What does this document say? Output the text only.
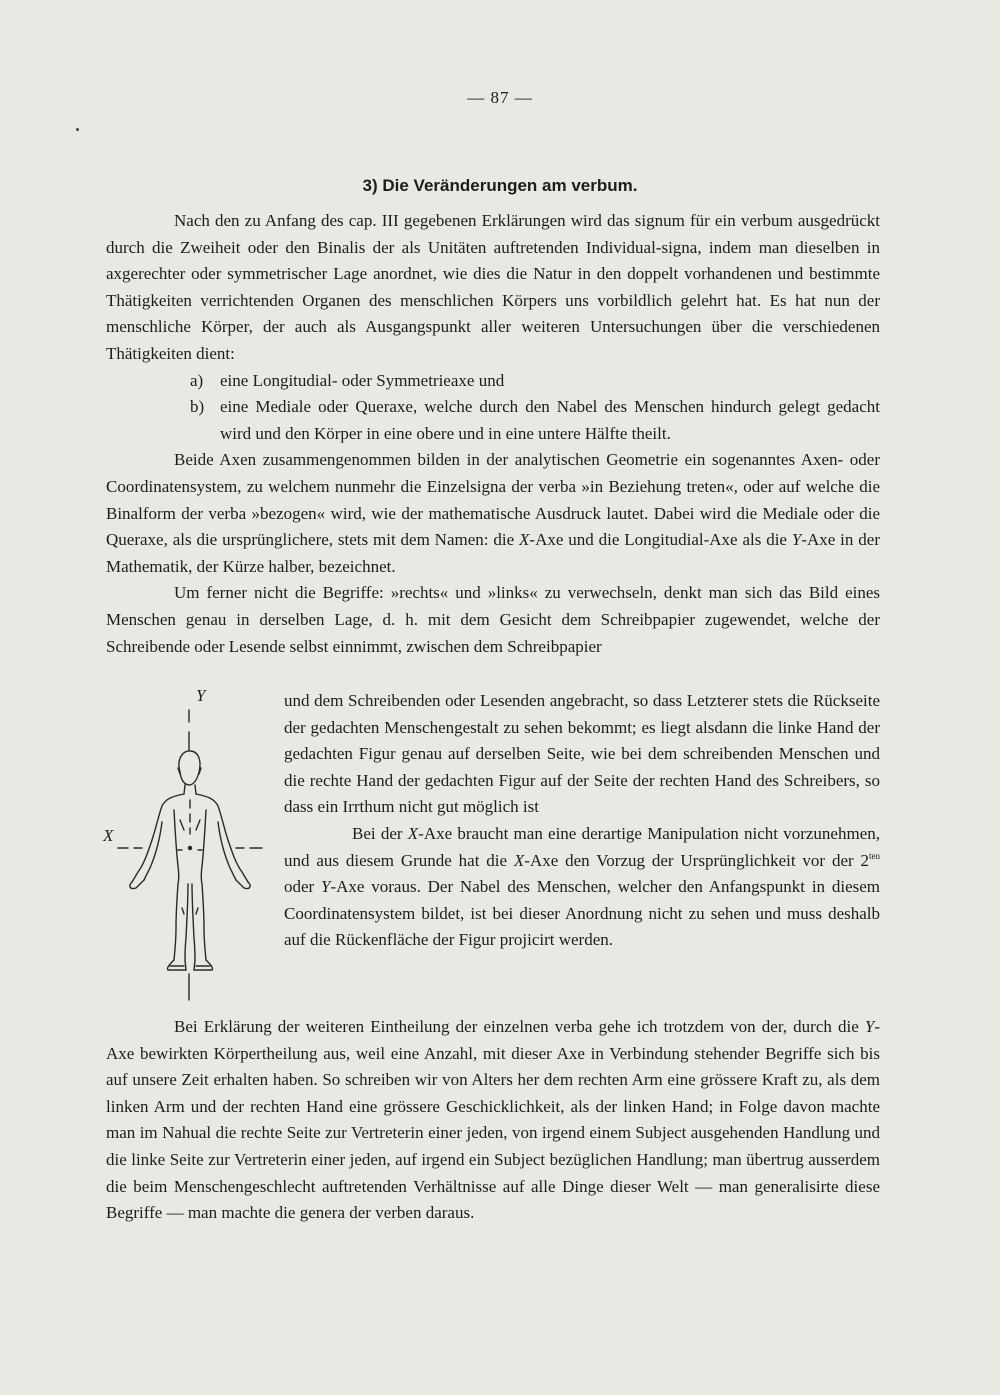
— 87 —
3) Die Veränderungen am verbum.

Nach den zu Anfang des cap. III gegebenen Erklärungen wird das signum für ein verbum ausgedrückt durch die Zweiheit oder den Binalis der als Unitäten auftretenden Individual-signa, indem man dieselben in axgerechter oder symmetrischer Lage anordnet, wie dies die Natur in den doppelt vorhandenen und bestimmte Thätigkeiten verrichtenden Organen des menschlichen Körpers uns vorbildlich gelehrt hat. Es hat nun der menschliche Körper, der auch als Ausgangspunkt aller weiteren Untersuchungen über die verschiedenen Thätigkeiten dient:

a) eine Longitudial- oder Symmetrieaxe und

b) eine Mediale oder Queraxe, welche durch den Nabel des Menschen hindurch gelegt gedacht wird und den Körper in eine obere und in eine untere Hälfte theilt.

Beide Axen zusammengenommen bilden in der analytischen Geometrie ein sogenanntes Axen- oder Coordinatensystem, zu welchem nunmehr die Einzelsigna der verba »in Beziehung treten«, oder auf welche die Binalform der verba »bezogen« wird, wie der mathematische Ausdruck lautet. Dabei wird die Mediale oder die Queraxe, als die ursprünglichere, stets mit dem Namen: die X-Axe und die Longitudial-Axe als die Y-Axe in der Mathematik, der Kürze halber, bezeichnet.

Um ferner nicht die Begriffe: »rechts« und »links« zu verwechseln, denkt man sich das Bild eines Menschen genau in derselben Lage, d. h. mit dem Gesicht dem Schreibpapier zugewendet, welche der Schreibende oder Lesende selbst einnimmt, zwischen dem Schreibpapier

Y
X

und dem Schreibenden oder Lesenden angebracht, so dass Letzterer stets die Rückseite der gedachten Menschengestalt zu sehen bekommt; es liegt alsdann die linke Hand der gedachten Figur genau auf derselben Seite, wie bei dem schreibenden Menschen und die rechte Hand der gedachten Figur auf der Seite der rechten Hand des Schreibers, so dass ein Irrthum nicht gut möglich ist

Bei der X-Axe braucht man eine derartige Manipulation nicht vorzunehmen, und aus diesem Grunde hat die X-Axe den Vorzug der Ursprünglichkeit vor der $2^{ten}$ oder Y-Axe voraus. Der Nabel des Menschen, welcher den Anfangspunkt in diesem Coordinatensystem bildet, ist bei dieser Anordnung nicht zu sehen und muss deshalb auf die Rückenfläche der Figur projicirt werden.

Bei Erklärung der weiteren Eintheilung der einzelnen verba gehe ich trotzdem von der, durch die Y-Axe bewirkten Körpertheilung aus, weil eine Anzahl, mit dieser Axe in Verbindung stehender Begriffe sich bis auf unsere Zeit erhalten haben. So schreiben wir von Alters her dem rechten Arm eine grössere Kraft zu, als dem linken Arm und der rechten Hand eine grössere Geschicklichkeit, als der linken Hand; in Folge davon machte man im Nahual die rechte Seite zur Vertreterin einer jeden, von irgend einem Subject ausgehenden Handlung und die linke Seite zur Vertreterin einer jeden, auf irgend ein Subject bezüglichen Handlung; man übertrug ausserdem die beim Menschengeschlecht auftretenden Verhältnisse auf alle Dinge dieser Welt — man generalisirte diese Begriffe — man machte die genera der verben daraus.
